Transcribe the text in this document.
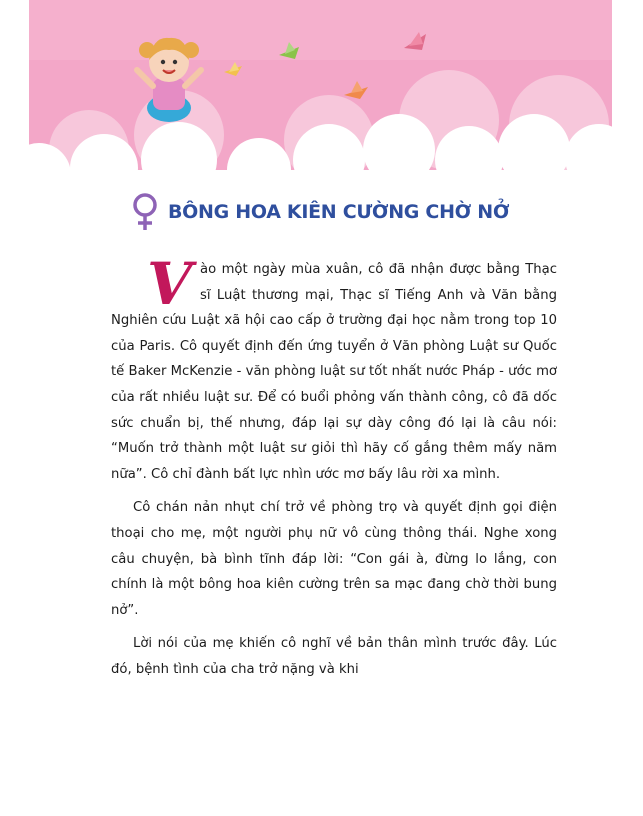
BÔNG HOA KIÊN CƯỜNG CHỜ NỞ

Vào một ngày mùa xuân, cô đã nhận được bằng Thạc sĩ Luật thương mại, Thạc sĩ Tiếng Anh và Văn bằng Nghiên cứu Luật xã hội cao cấp ở trường đại học nằm trong top 10 của Paris. Cô quyết định đến ứng tuyển ở Văn phòng Luật sư Quốc tế Baker McKenzie - văn phòng luật sư tốt nhất nước Pháp - ước mơ của rất nhiều luật sư. Để có buổi phỏng vấn thành công, cô đã dốc sức chuẩn bị, thế nhưng, đáp lại sự dày công đó lại là câu nói: “Muốn trở thành một luật sư giỏi thì hãy cố gắng thêm mấy năm nữa”. Cô chỉ đành bất lực nhìn ước mơ bấy lâu rời xa mình.

Cô chán nản nhụt chí trở về phòng trọ và quyết định gọi điện thoại cho mẹ, một người phụ nữ vô cùng thông thái. Nghe xong câu chuyện, bà bình tĩnh đáp lời: “Con gái à, đừng lo lắng, con chính là một bông hoa kiên cường trên sa mạc đang chờ thời bung nở”.

Lời nói của mẹ khiến cô nghĩ về bản thân mình trước đây. Lúc đó, bệnh tình của cha trở nặng và khi
